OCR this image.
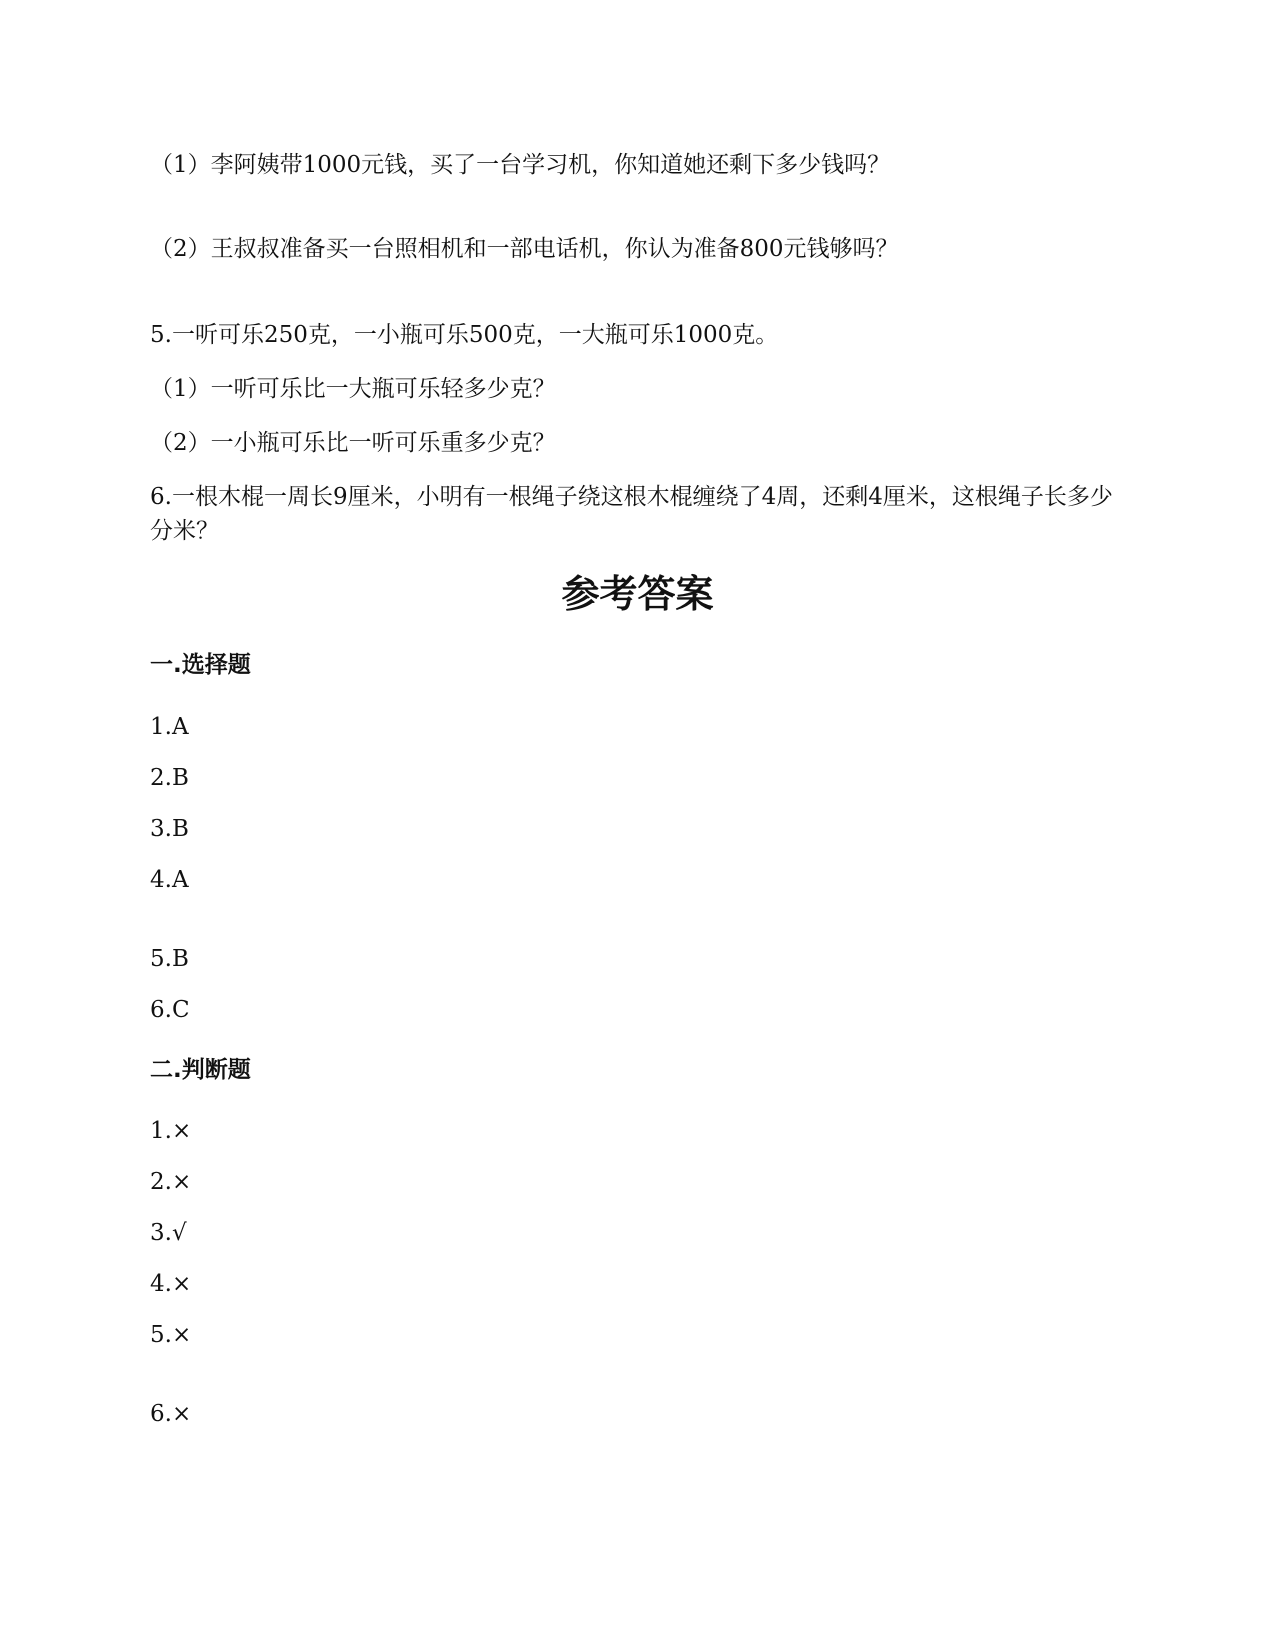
（1）李阿姨带1000元钱，买了一台学习机，你知道她还剩下多少钱吗？
（2）王叔叔准备买一台照相机和一部电话机，你认为准备800元钱够吗？
5.一听可乐250克，一小瓶可乐500克，一大瓶可乐1000克。
（1）一听可乐比一大瓶可乐轻多少克？
（2）一小瓶可乐比一听可乐重多少克？
6.一根木棍一周长9厘米，小明有一根绳子绕这根木棍缠绕了4周，还剩4厘米，这根绳子长多少分米？
参考答案
一.选择题
1.A
2.B
3.B
4.A
5.B
6.C
二.判断题
1.×
2.×
3.√
4.×
5.×
6.×
